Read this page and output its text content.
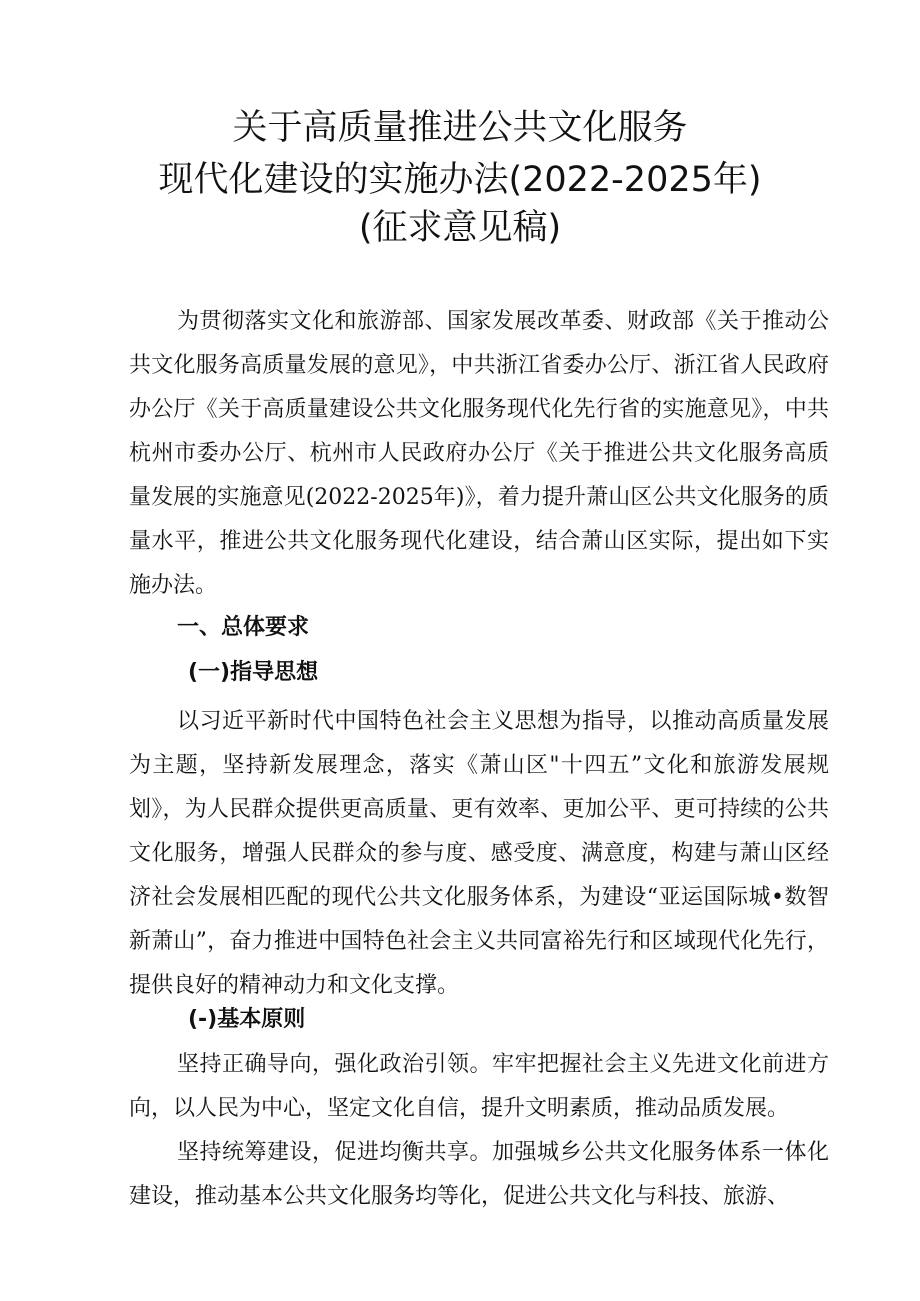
关于高质量推进公共文化服务
现代化建设的实施办法(2022-2025年)
(征求意见稿)

为贯彻落实文化和旅游部、国家发展改革委、财政部《关于推动公共文化服务高质量发展的意见》，中共浙江省委办公厅、浙江省人民政府办公厅《关于高质量建设公共文化服务现代化先行省的实施意见》，中共杭州市委办公厅、杭州市人民政府办公厅《关于推进公共文化服务高质量发展的实施意见(2022-2025年)》，着力提升萧山区公共文化服务的质量水平，推进公共文化服务现代化建设，结合萧山区实际，提出如下实施办法。

一、总体要求

(一)指导思想

以习近平新时代中国特色社会主义思想为指导，以推动高质量发展为主题，坚持新发展理念，落实《萧山区"十四五”文化和旅游发展规划》，为人民群众提供更高质量、更有效率、更加公平、更可持续的公共文化服务，增强人民群众的参与度、感受度、满意度，构建与萧山区经济社会发展相匹配的现代公共文化服务体系，为建设“亚运国际城•数智新萧山”，奋力推进中国特色社会主义共同富裕先行和区域现代化先行，提供良好的精神动力和文化支撑。

(-)基本原则

坚持正确导向，强化政治引领。牢牢把握社会主义先进文化前进方向，以人民为中心，坚定文化自信，提升文明素质，推动品质发展。

坚持统筹建设，促进均衡共享。加强城乡公共文化服务体系一体化建设，推动基本公共文化服务均等化，促进公共文化与科技、旅游、
